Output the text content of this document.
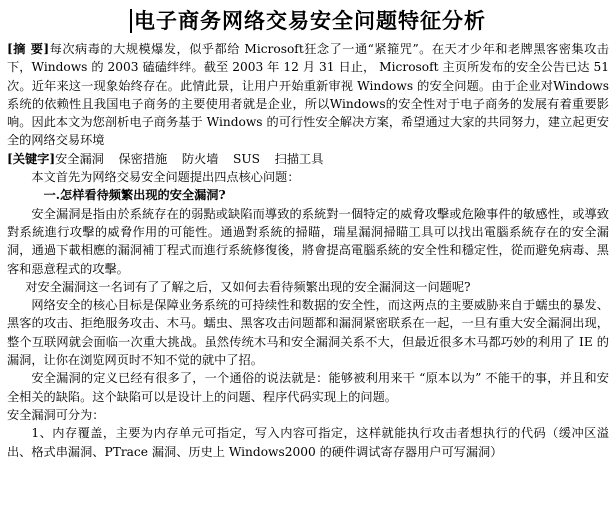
电子商务网络交易安全问题特征分析

[摘 要]每次病毒的大规模爆发，似乎都给 Microsoft狂念了一通“紧箍咒”。在天才少年和老牌黑客密集攻击下，Windows 的 2003 磕磕绊绊。截至 2003 年 12 月 31 日止， Microsoft 主页所发布的安全公告已达 51 次。近年来这一现象始终存在。此情此景，让用户开始重新审视 Windows 的安全问题。由于企业对Windows系统的依赖性且我国电子商务的主要使用者就是企业，所以Windows的安全性对于电子商务的发展有着重要影响。因此本文为您剖析电子商务基于 Windows 的可行性安全解决方案，希望通过大家的共同努力，建立起更安全的网络交易环境

[关键字]安全漏洞 保密措施 防火墙 SUS 扫描工具

本文首先为网络交易安全问题提出四点核心问题：

一.怎样看待频繁出现的安全漏洞?

安全漏洞是指由於系統存在的弱點或缺陷而導致的系統對一個特定的威脅攻擊或危險事件的敏感性，或導致對系統進行攻擊的威脅作用的可能性。通過對系統的掃瞄，瑞星漏洞掃瞄工具可以找出電腦系統存在的安全漏洞，通過下載相應的漏洞補丁程式而進行系統修復後，將會提高電腦系統的安全性和穩定性，從而避免病毒、黑客和惡意程式的攻擊。

对安全漏洞这一名词有了了解之后，又如何去看待频繁出现的安全漏洞这一问题呢?

网络安全的核心目标是保障业务系统的可持续性和数据的安全性，而这两点的主要威胁来自于蠕虫的暴发、黑客的攻击、拒绝服务攻击、木马。蠕虫、黑客攻击问题都和漏洞紧密联系在一起，一旦有重大安全漏洞出现，整个互联网就会面临一次重大挑战。虽然传统木马和安全漏洞关系不大，但最近很多木马都巧妙的利用了 IE 的漏洞，让你在浏览网页时不知不觉的就中了招。

安全漏洞的定义已经有很多了，一个通俗的说法就是：能够被利用来干 “原本以为” 不能干的事，并且和安全相关的缺陷。这个缺陷可以是设计上的问题、程序代码实现上的问题。

安全漏洞可分为：

1、内存覆盖，主要为内存单元可指定，写入内容可指定，这样就能执行攻击者想执行的代码（缓冲区溢出、格式串漏洞、PTrace 漏洞、历史上 Windows2000 的硬件调试寄存器用户可写漏洞）
